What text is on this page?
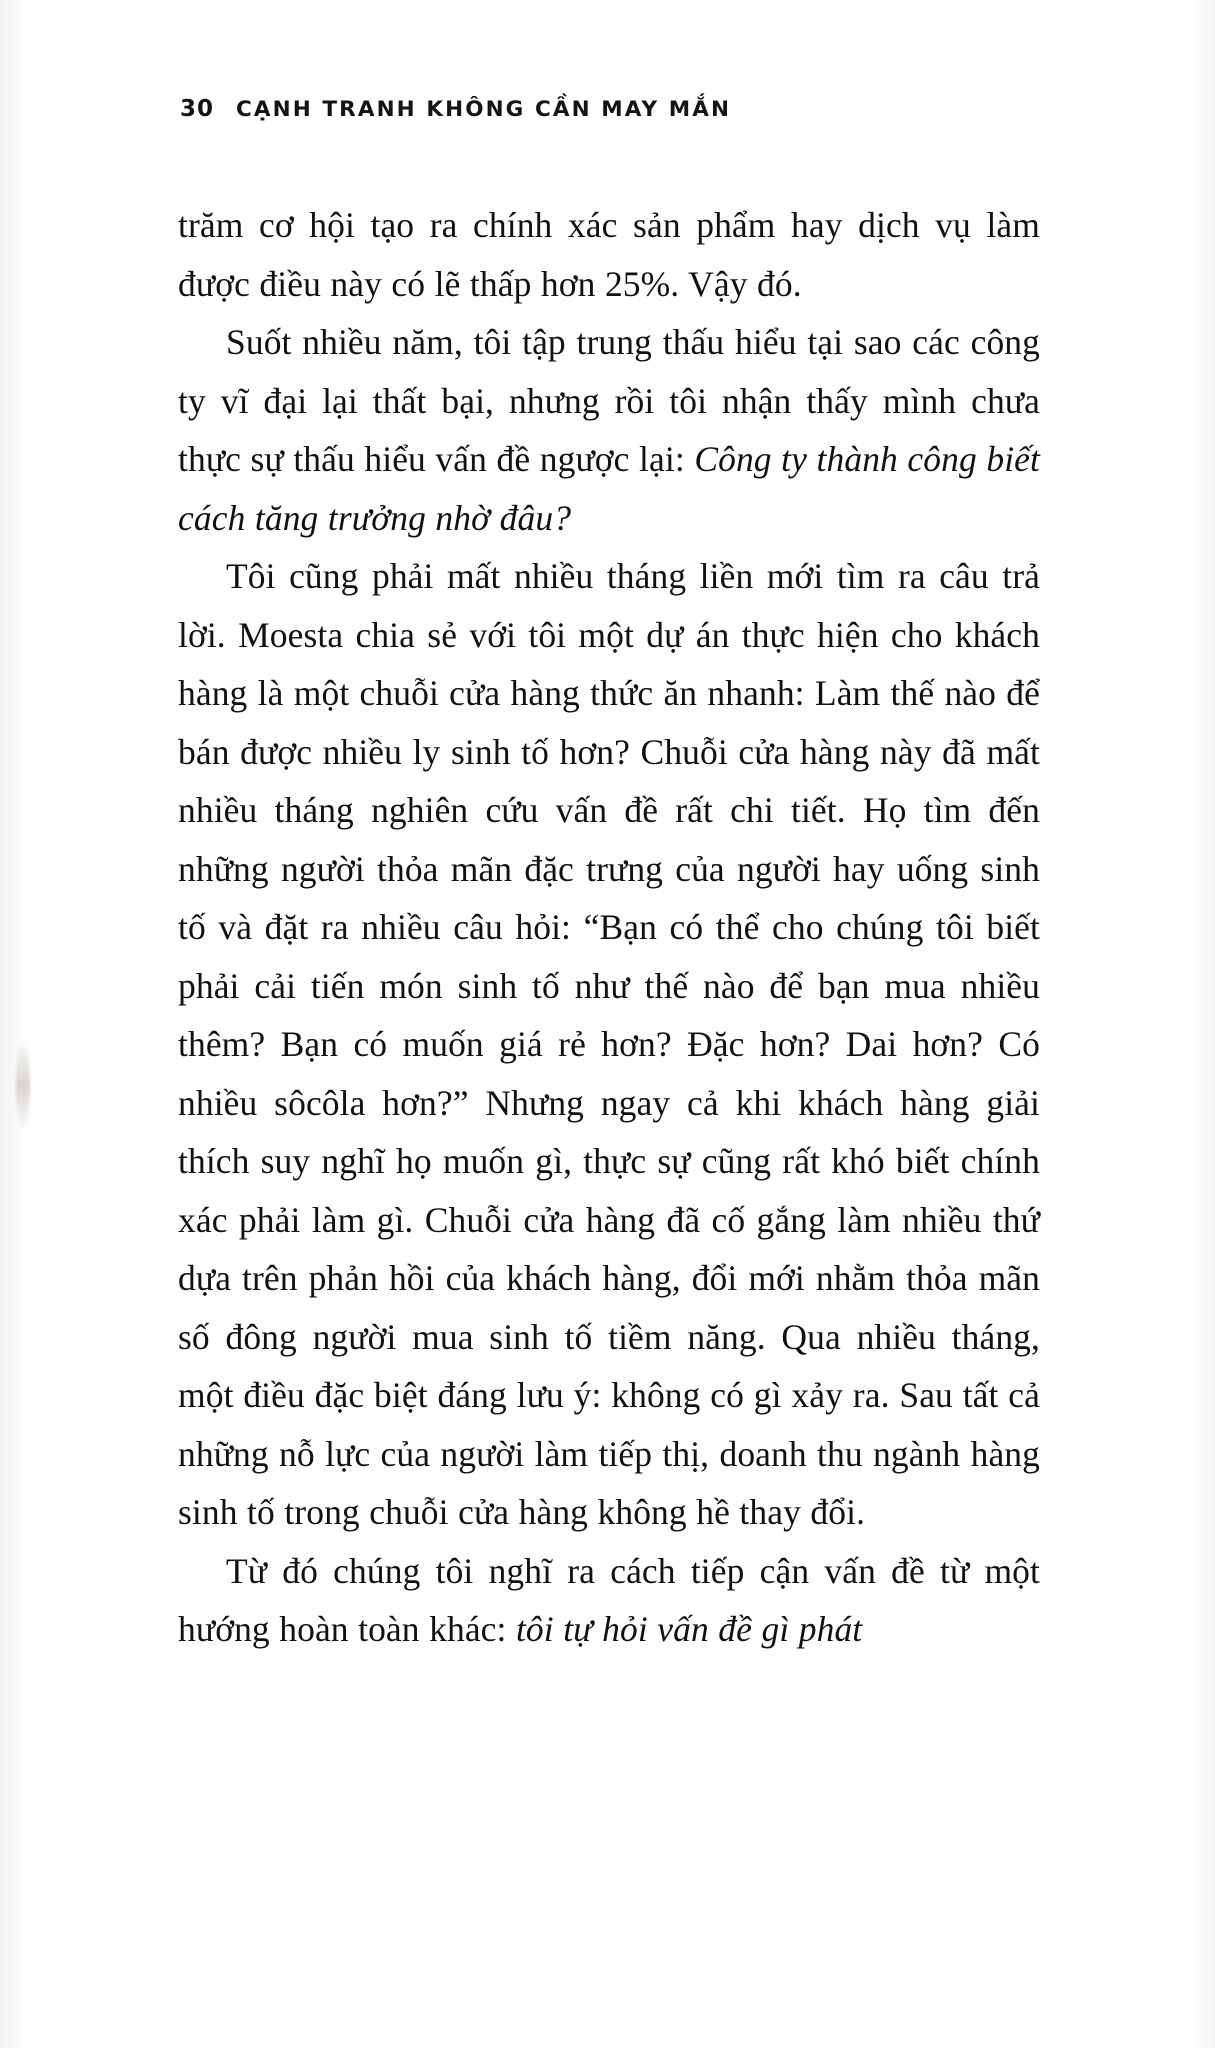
30 CẠNH TRANH KHÔNG CẦN MAY MẮN

trăm cơ hội tạo ra chính xác sản phẩm hay dịch vụ làm được điều này có lẽ thấp hơn 25%. Vậy đó.

Suốt nhiều năm, tôi tập trung thấu hiểu tại sao các công ty vĩ đại lại thất bại, nhưng rồi tôi nhận thấy mình chưa thực sự thấu hiểu vấn đề ngược lại: Công ty thành công biết cách tăng trưởng nhờ đâu?

Tôi cũng phải mất nhiều tháng liền mới tìm ra câu trả lời. Moesta chia sẻ với tôi một dự án thực hiện cho khách hàng là một chuỗi cửa hàng thức ăn nhanh: Làm thế nào để bán được nhiều ly sinh tố hơn? Chuỗi cửa hàng này đã mất nhiều tháng nghiên cứu vấn đề rất chi tiết. Họ tìm đến những người thỏa mãn đặc trưng của người hay uống sinh tố và đặt ra nhiều câu hỏi: “Bạn có thể cho chúng tôi biết phải cải tiến món sinh tố như thế nào để bạn mua nhiều thêm? Bạn có muốn giá rẻ hơn? Đặc hơn? Dai hơn? Có nhiều sôcôla hơn?” Nhưng ngay cả khi khách hàng giải thích suy nghĩ họ muốn gì, thực sự cũng rất khó biết chính xác phải làm gì. Chuỗi cửa hàng đã cố gắng làm nhiều thứ dựa trên phản hồi của khách hàng, đổi mới nhằm thỏa mãn số đông người mua sinh tố tiềm năng. Qua nhiều tháng, một điều đặc biệt đáng lưu ý: không có gì xảy ra. Sau tất cả những nỗ lực của người làm tiếp thị, doanh thu ngành hàng sinh tố trong chuỗi cửa hàng không hề thay đổi.

Từ đó chúng tôi nghĩ ra cách tiếp cận vấn đề từ một hướng hoàn toàn khác: tôi tự hỏi vấn đề gì phát
